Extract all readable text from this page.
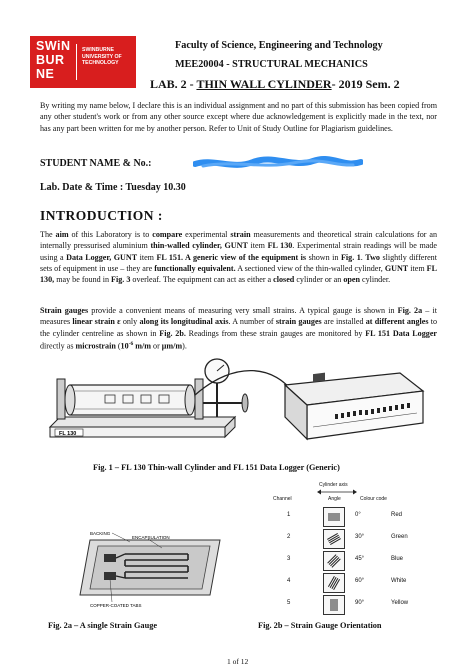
SWiN
BUR
NE
SWINBURNE
UNIVERSITY OF
TECHNOLOGY
Faculty of Science, Engineering and Technology
MEE20004 - STRUCTURAL MECHANICS
LAB. 2 - THIN WALL CYLINDER- 2019 Sem. 2
By writing my name below, I declare this is an individual assignment and no part of this submission has been copied from any other student's work or from any other source except where due acknowledgement is explicitly made in the text, nor has any part been written for me by another person. Refer to Unit of Study Outline for Plagiarism guidelines.
STUDENT NAME & No.:
Lab. Date & Time : Tuesday 10.30
INTRODUCTION :
The aim of this Laboratory is to compare experimental strain measurements and theoretical strain calculations for an internally pressurised aluminium thin-walled cylinder, GUNT item FL 130. Experimental strain readings will be made using a Data Logger, GUNT item FL 151. A generic view of the equipment is shown in Fig. 1. Two slightly different sets of equipment in use – they are functionally equivalent. A sectioned view of the thin-walled cylinder, GUNT item FL 130, may be found in Fig. 3 overleaf. The equipment can act as either a closed cylinder or an open cylinder.
Strain gauges provide a convenient means of measuring very small strains. A typical gauge is shown in Fig. 2a – it measures linear strain ε only along its longitudinal axis. A number of strain gauges are installed at different angles to the cylinder centreline as shown in Fig. 2b. Readings from these strain gauges are monitored by FL 151 Data Logger directly as microstrain ($10^{-6}$ m/m or μm/m).
FL 130
Fig. 1 – FL 130 Thin-wall Cylinder and FL 151 Data Logger (Generic)
BACKING
ENCAPSULATION
COPPER-COATED TABS
Fig. 2a – A single Strain Gauge
Cylinder axis
Channel	Angle	Colour code
1	0°	Red
2	30°	Green
3	45°	Blue
4	60°	White
5	90°	Yellow
Fig. 2b – Strain Gauge Orientation
1 of 12
